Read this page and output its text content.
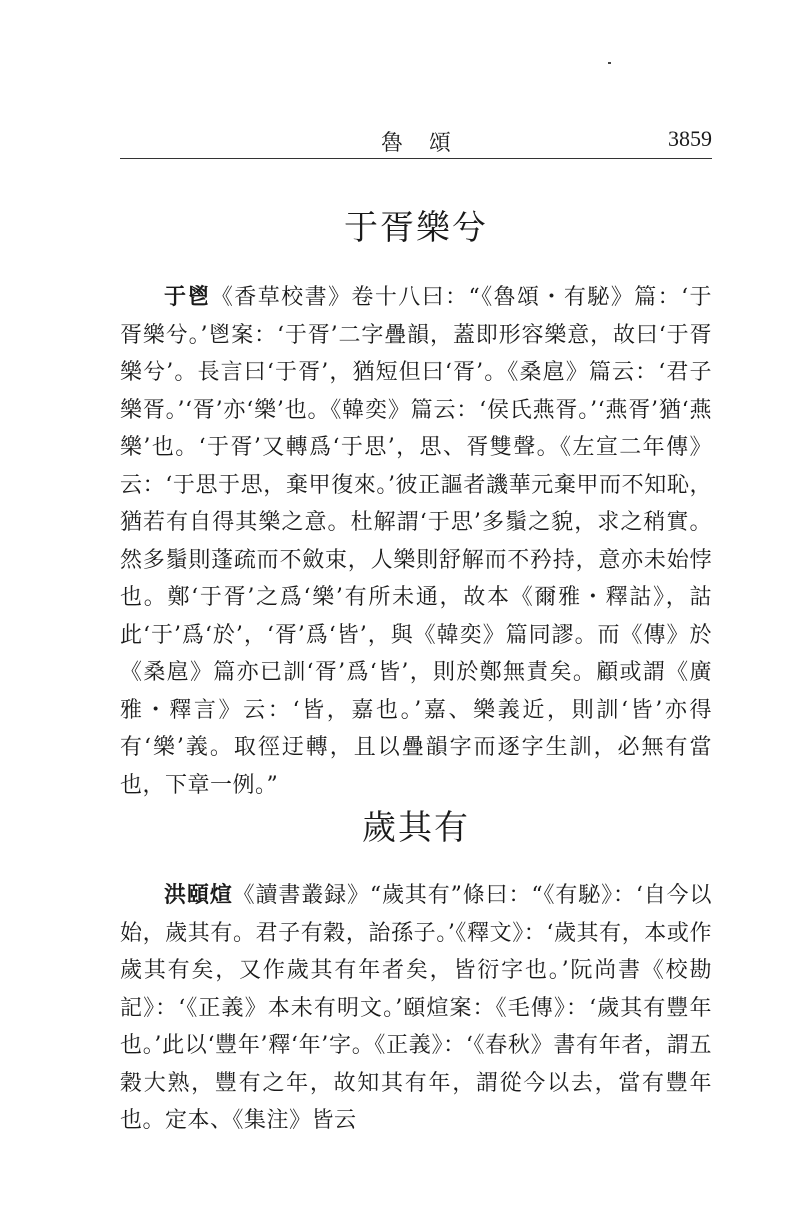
魯頌	3859
于胥樂兮

于鬯《香草校書》卷十八曰：“《魯頌・有駜》篇：‘于胥樂兮。’鬯案：‘于胥’二字疊韻，蓋即形容樂意，故曰‘于胥樂兮’。長言曰‘于胥’，猶短但曰‘胥’。《桑扈》篇云：‘君子樂胥。’‘胥’亦‘樂’也。《韓奕》篇云：‘侯氏燕胥。’‘燕胥’猶‘燕樂’也。‘于胥’又轉爲‘于思’，思、胥雙聲。《左宣二年傳》云：‘于思于思，棄甲復來。’彼正謳者譏華元棄甲而不知恥，猶若有自得其樂之意。杜解謂‘于思’多鬚之貌，求之稍實。然多鬚則蓬疏而不斂束，人樂則舒解而不矜持，意亦未始悖也。鄭‘于胥’之爲‘樂’有所未通，故本《爾雅・釋詁》，詁此‘于’爲‘於’，‘胥’爲‘皆’，與《韓奕》篇同謬。而《傳》於《桑扈》篇亦已訓‘胥’爲‘皆’，則於鄭無責矣。顧或謂《廣雅・釋言》云：‘皆，嘉也。’嘉、樂義近，則訓‘皆’亦得有‘樂’義。取徑迂轉，且以疊韻字而逐字生訓，必無有當也，下章一例。”

歲其有

洪頤煊《讀書叢録》“歲其有”條曰：“《有駜》：‘自今以始，歲其有。君子有穀，詒孫子。’《釋文》：‘歲其有，本或作歲其有矣，又作歲其有年者矣，皆衍字也。’阮尚書《校勘記》：‘《正義》本未有明文。’頤煊案：《毛傳》：‘歲其有豐年也。’此以‘豐年’釋‘年’字。《正義》：‘《春秋》書有年者，謂五穀大熟，豐有之年，故知其有年，謂從今以去，當有豐年也。定本、《集注》皆云
